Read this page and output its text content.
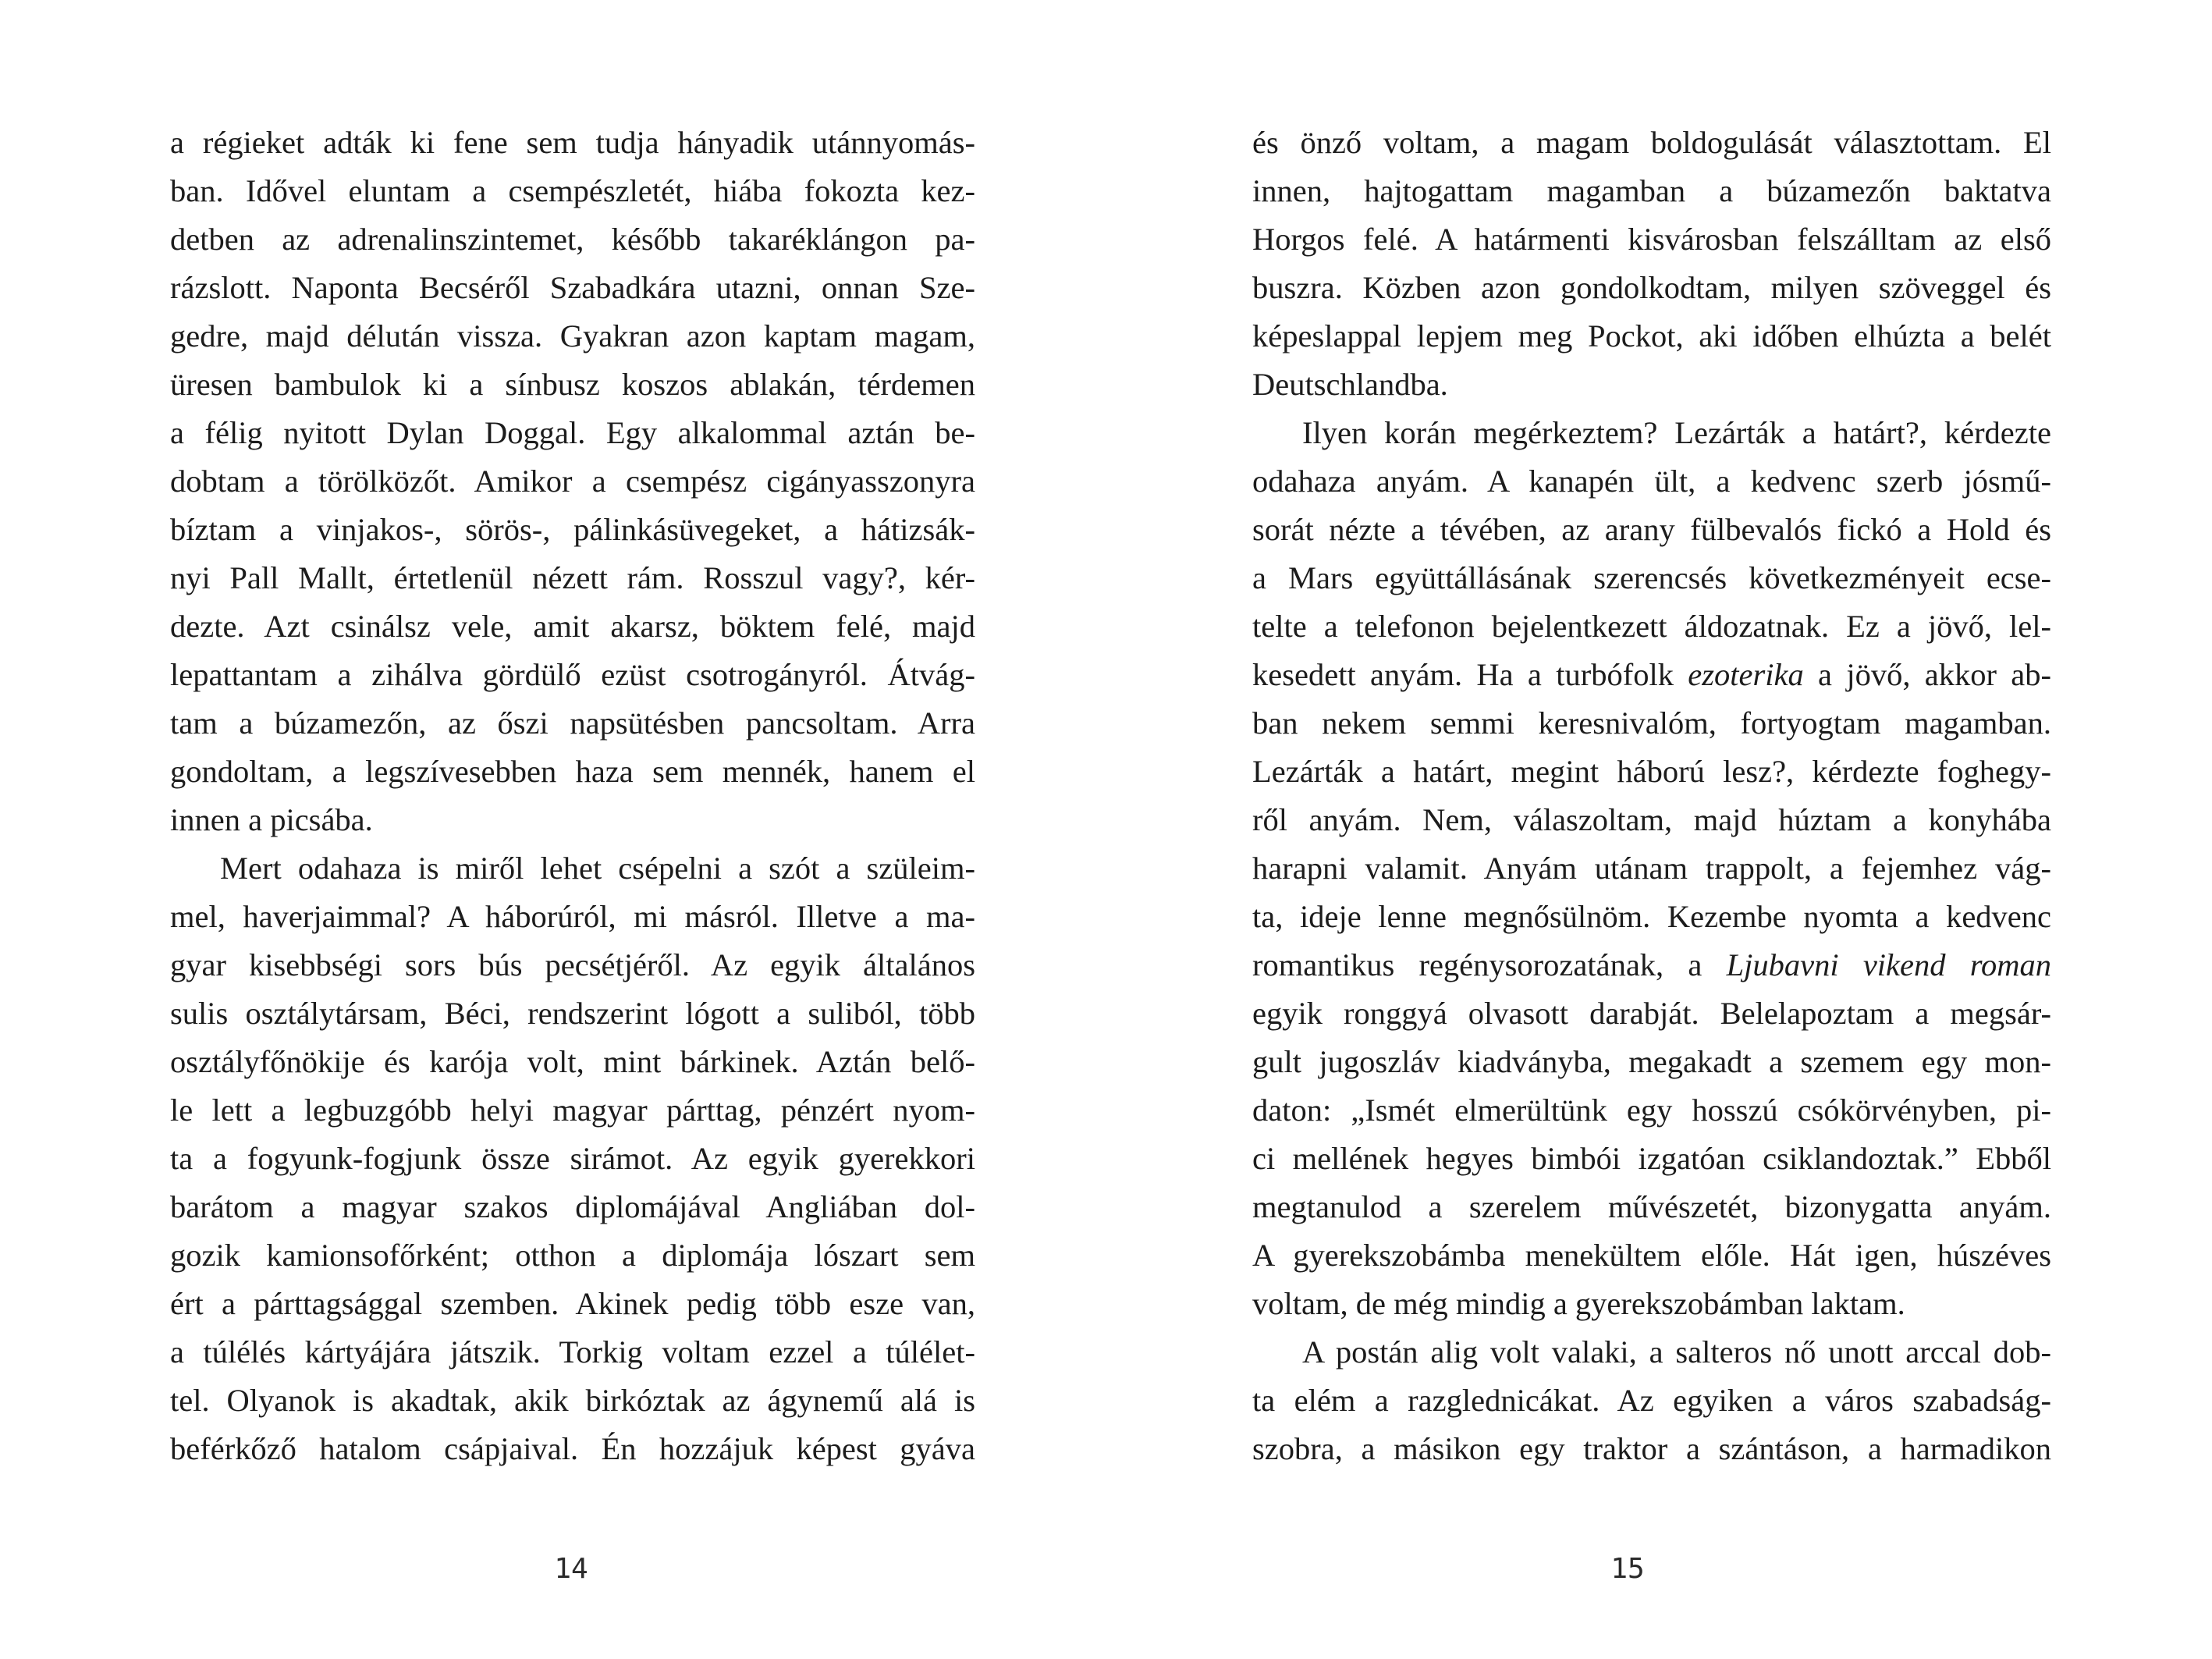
a régieket adták ki fene sem tudja hányadik utánnyomás-
ban. Idővel eluntam a csempészletét, hiába fokozta kez-
detben az adrenalinszintemet, később takaréklángon pa-
rázslott. Naponta Becséről Szabadkára utazni, onnan Sze-
gedre, majd délután vissza. Gyakran azon kaptam magam,
üresen bambulok ki a sínbusz koszos ablakán, térdemen
a félig nyitott Dylan Doggal. Egy alkalommal aztán be-
dobtam a törölközőt. Amikor a csempész cigányasszonyra
bíztam a vinjakos-, sörös-, pálinkásüvegeket, a hátizsák-
nyi Pall Mallt, értetlenül nézett rám. Rosszul vagy?, kér-
dezte. Azt csinálsz vele, amit akarsz, böktem felé, majd
lepattantam a zihálva gördülő ezüst csotrogányról. Átvág-
tam a búzamezőn, az őszi napsütésben pancsoltam. Arra
gondoltam, a legszívesebben haza sem mennék, hanem el
innen a picsába.
Mert odahaza is miről lehet csépelni a szót a szüleim-
mel, haverjaimmal? A háborúról, mi másról. Illetve a ma-
gyar kisebbségi sors bús pecsétjéről. Az egyik általános
sulis osztálytársam, Béci, rendszerint lógott a suliból, több
osztályfőnökije és karója volt, mint bárkinek. Aztán belő-
le lett a legbuzgóbb helyi magyar párttag, pénzért nyom-
ta a fogyunk-fogjunk össze sirámot. Az egyik gyerekkori
barátom a magyar szakos diplomájával Angliában dol-
gozik kamionsofőrként; otthon a diplomája lószart sem
ért a párttagsággal szemben. Akinek pedig több esze van,
a túlélés kártyájára játszik. Torkig voltam ezzel a túlélet-
tel. Olyanok is akadtak, akik birkóztak az ágynemű alá is
beférkőző hatalom csápjaival. Én hozzájuk képest gyáva
14
és önző voltam, a magam boldogulását választottam. El
innen, hajtogattam magamban a búzamezőn baktatva
Horgos felé. A határmenti kisvárosban felszálltam az első
buszra. Közben azon gondolkodtam, milyen szöveggel és
képeslappal lepjem meg Pockot, aki időben elhúzta a belét
Deutschlandba.
Ilyen korán megérkeztem? Lezárták a határt?, kérdezte
odahaza anyám. A kanapén ült, a kedvenc szerb jósmű-
sorát nézte a tévében, az arany fülbevalós fickó a Hold és
a Mars együttállásának szerencsés következményeit ecse-
telte a telefonon bejelentkezett áldozatnak. Ez a jövő, lel-
kesedett anyám. Ha a turbófolk ezoterika a jövő, akkor ab-
ban nekem semmi keresnivalóm, fortyogtam magamban.
Lezárták a határt, megint háború lesz?, kérdezte foghegy-
ről anyám. Nem, válaszoltam, majd húztam a konyhába
harapni valamit. Anyám utánam trappolt, a fejemhez vág-
ta, ideje lenne megnősülnöm. Kezembe nyomta a kedvenc
romantikus regénysorozatának, a Ljubavni vikend roman
egyik ronggyá olvasott darabját. Belelapoztam a megsár-
gult jugoszláv kiadványba, megakadt a szemem egy mon-
daton: „Ismét elmerültünk egy hosszú csókörvényben, pi-
ci mellének hegyes bimbói izgatóan csiklandoztak.” Ebből
megtanulod a szerelem művészetét, bizonygatta anyám.
A gyerekszobámba menekültem előle. Hát igen, húszéves
voltam, de még mindig a gyerekszobámban laktam.
A postán alig volt valaki, a salteros nő unott arccal dob-
ta elém a razglednicákat. Az egyiken a város szabadság-
szobra, a másikon egy traktor a szántáson, a harmadikon
15
